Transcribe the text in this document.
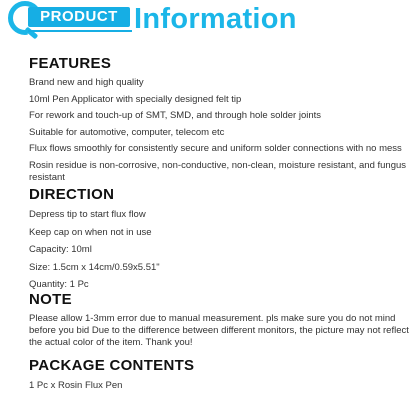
PRODUCT Information
FEATURES

Brand new and high quality

10ml Pen Applicator with specially designed felt tip

For rework and touch-up of SMT, SMD, and through hole solder joints

Suitable for automotive, computer, telecom etc

Flux flows smoothly for consistently secure and uniform solder connections with no mess

Rosin residue is non-corrosive, non-conductive, non-clean, moisture resistant, and fungus resistant

DIRECTION

Depress tip to start flux flow

Keep cap on when not in use

Capacity: 10ml

Size: 1.5cm x 14cm/0.59x5.51"

Quantity: 1 Pc

NOTE

Please allow 1-3mm error due to manual measurement. pls make sure you do not mind before you bid Due to the difference between different monitors, the picture may not reflect the actual color of the item. Thank you!

PACKAGE CONTENTS

1 Pc x Rosin Flux Pen
